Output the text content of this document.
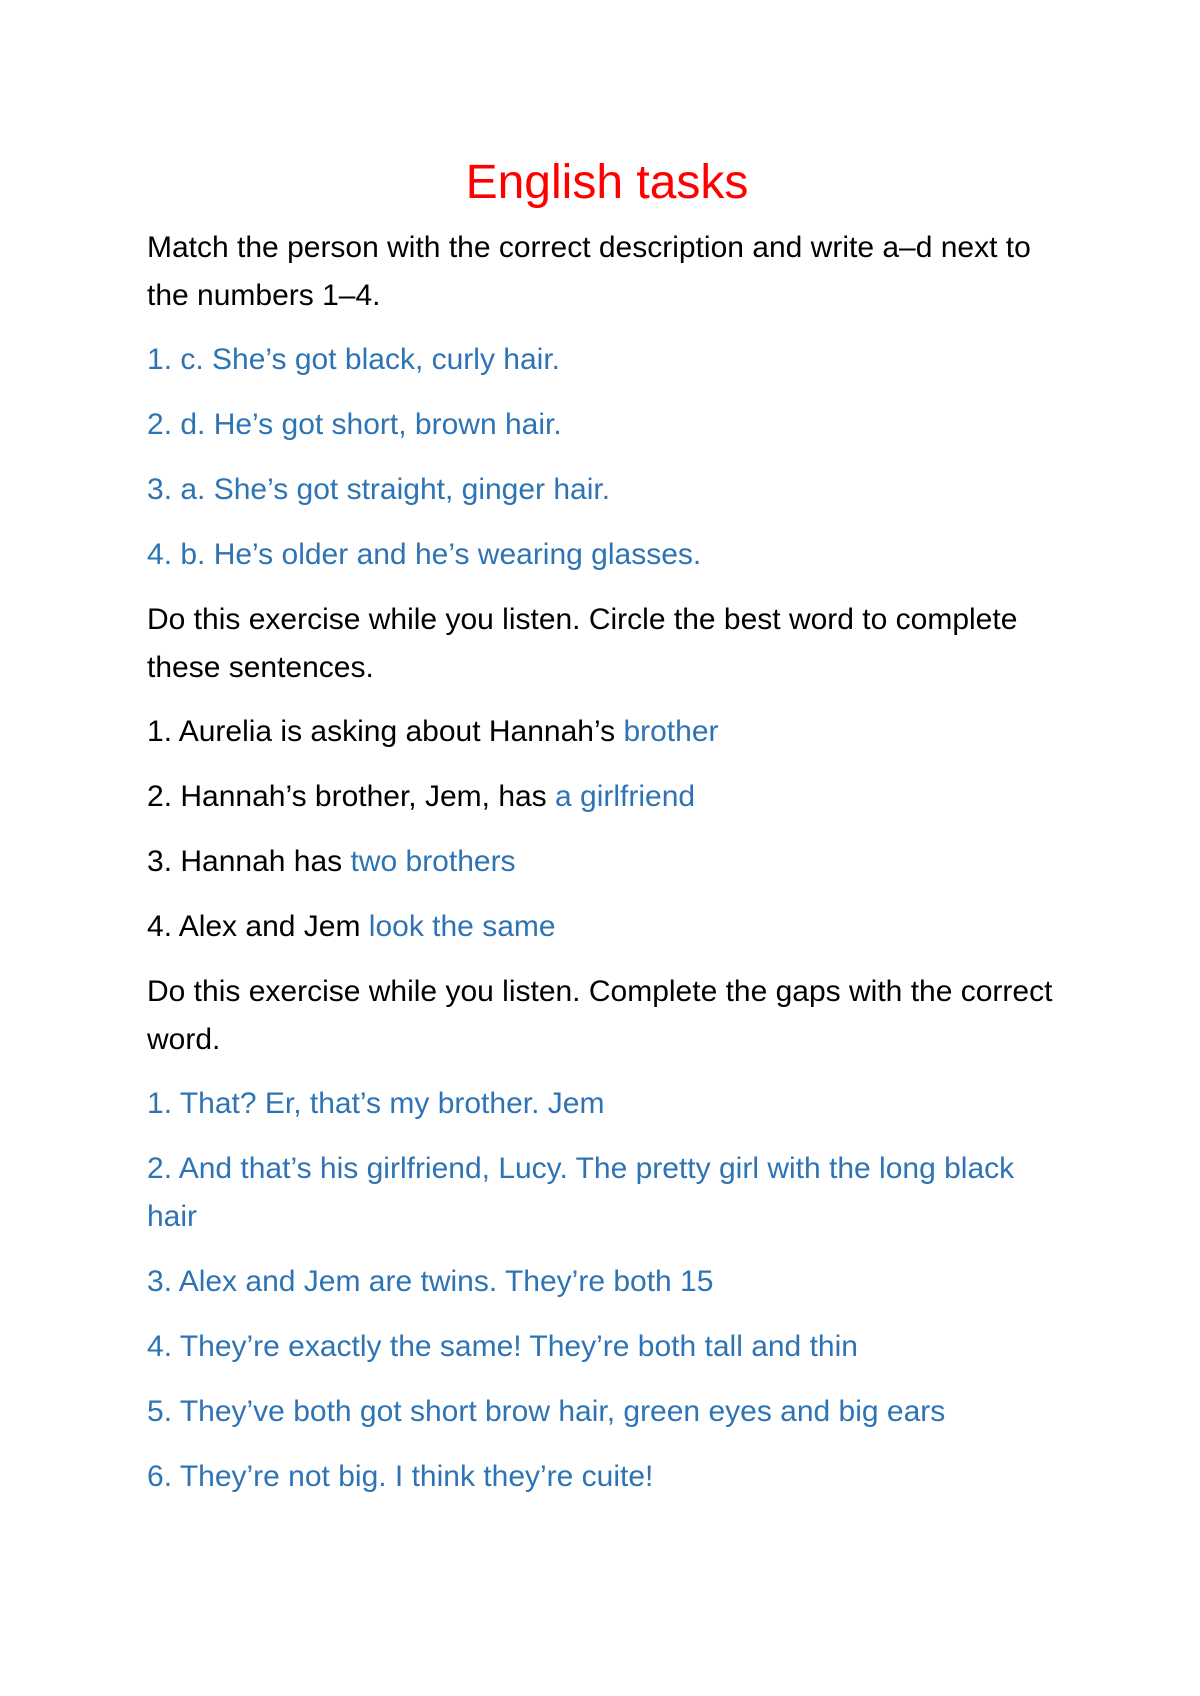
English tasks

Match the person with the correct description and write a–d next to the numbers 1–4.

1. c. She’s got black, curly hair.

2. d. He’s got short, brown hair.

3. a. She’s got straight, ginger hair.

4. b. He’s older and he’s wearing glasses.

Do this exercise while you listen. Circle the best word to complete these sentences.

1. Aurelia is asking about Hannah’s brother

2. Hannah’s brother, Jem, has a girlfriend

3. Hannah has two brothers

4. Alex and Jem look the same

Do this exercise while you listen. Complete the gaps with the correct word.

1. That? Er, that’s my brother. Jem

2. And that’s his girlfriend, Lucy. The pretty girl with the long black hair

3. Alex and Jem are twins. They’re both 15

4. They’re exactly the same! They’re both tall and thin

5. They’ve both got short brow hair, green eyes and big ears

6. They’re not big. I think they’re cuite!
